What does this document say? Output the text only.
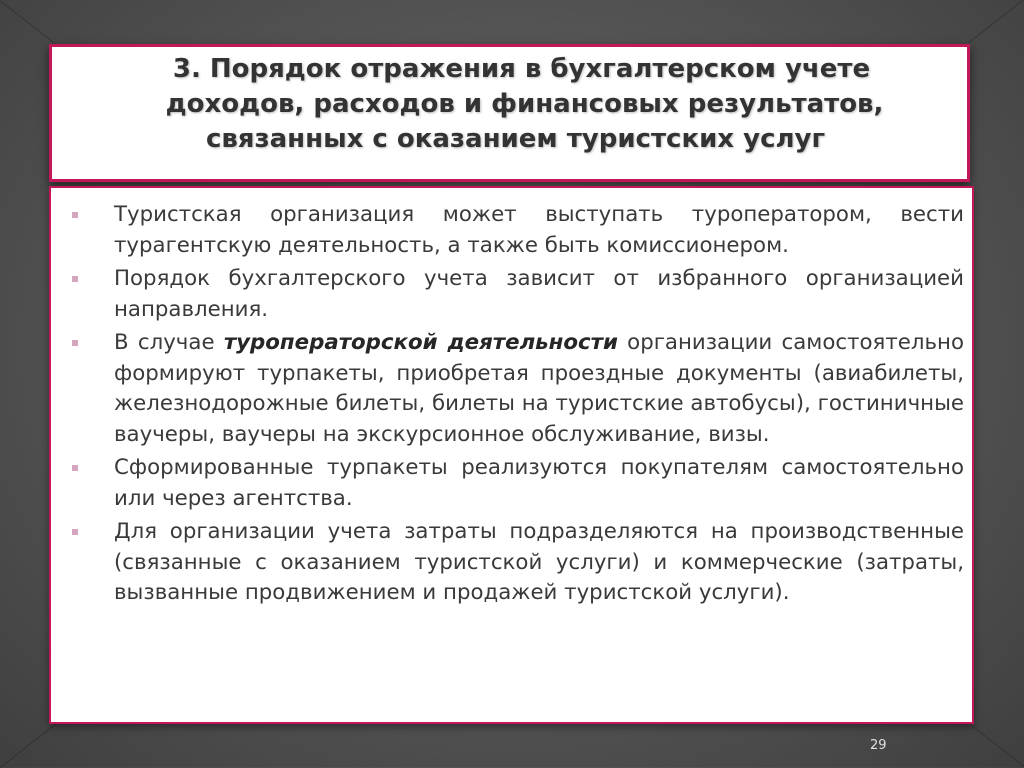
3. Порядок отражения в бухгалтерском учете
доходов, расходов и финансовых результатов,
связанных с оказанием туристских услуг
Туристская организация может выступать туроператором, вести турагентскую деятельность, а также быть комиссионером.
Порядок бухгалтерского учета зависит от избранного организацией направления.
В случае туроператорской деятельности организации самостоятельно формируют турпакеты, приобретая проездные документы (авиабилеты, железнодорожные билеты, билеты на туристские автобусы), гостиничные ваучеры, ваучеры на экскурсионное обслуживание, визы.
Сформированные турпакеты реализуются покупателям самостоятельно или через агентства.
Для организации учета затраты подразделяются на производственные (связанные с оказанием туристской услуги) и коммерческие (затраты, вызванные продвижением и продажей туристской услуги).
29
